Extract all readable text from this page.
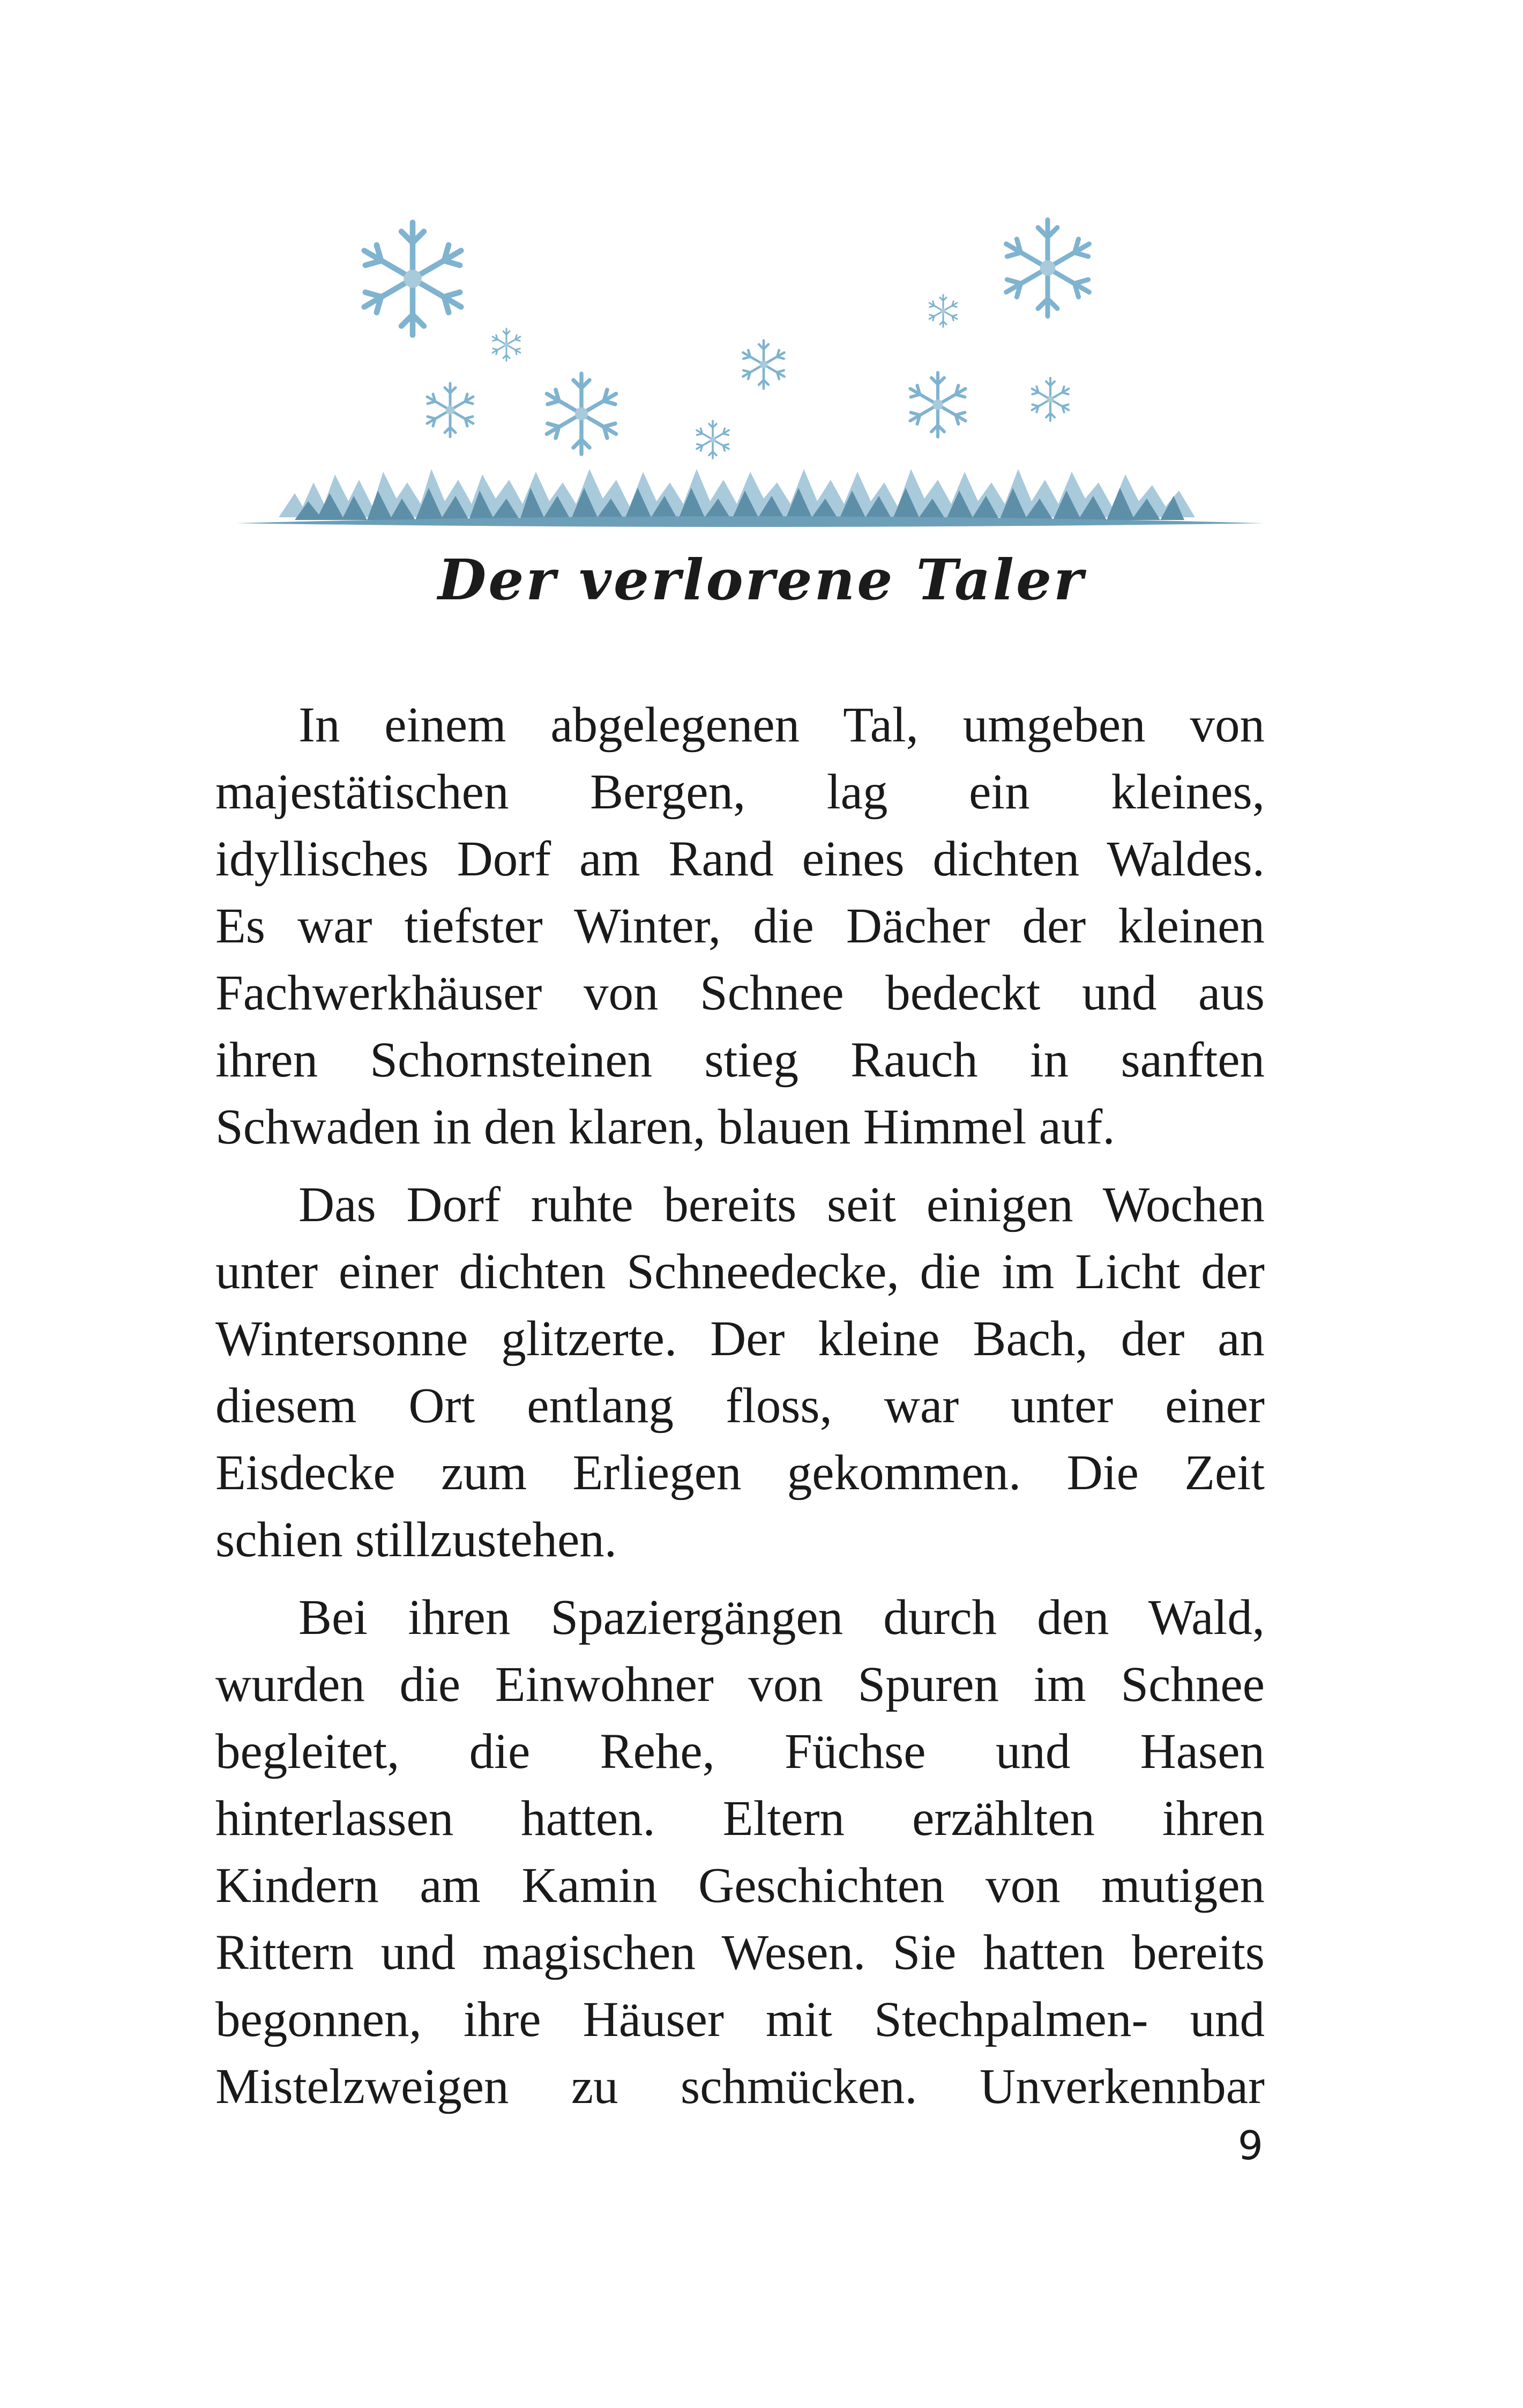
Der verlorene Taler

In einem abgelegenen Tal, umgeben von
majestätischen Bergen, lag ein kleines,
idyllisches Dorf am Rand eines dichten Waldes.
Es war tiefster Winter, die Dächer der kleinen
Fachwerkhäuser von Schnee bedeckt und aus
ihren Schornsteinen stieg Rauch in sanften
Schwaden in den klaren, blauen Himmel auf.

Das Dorf ruhte bereits seit einigen Wochen
unter einer dichten Schneedecke, die im Licht der
Wintersonne glitzerte. Der kleine Bach, der an
diesem Ort entlang floss, war unter einer
Eisdecke zum Erliegen gekommen. Die Zeit
schien stillzustehen.

Bei ihren Spaziergängen durch den Wald,
wurden die Einwohner von Spuren im Schnee
begleitet, die Rehe, Füchse und Hasen
hinterlassen hatten. Eltern erzählten ihren
Kindern am Kamin Geschichten von mutigen
Rittern und magischen Wesen. Sie hatten bereits
begonnen, ihre Häuser mit Stechpalmen- und
Mistelzweigen zu schmücken. Unverkennbar

9
